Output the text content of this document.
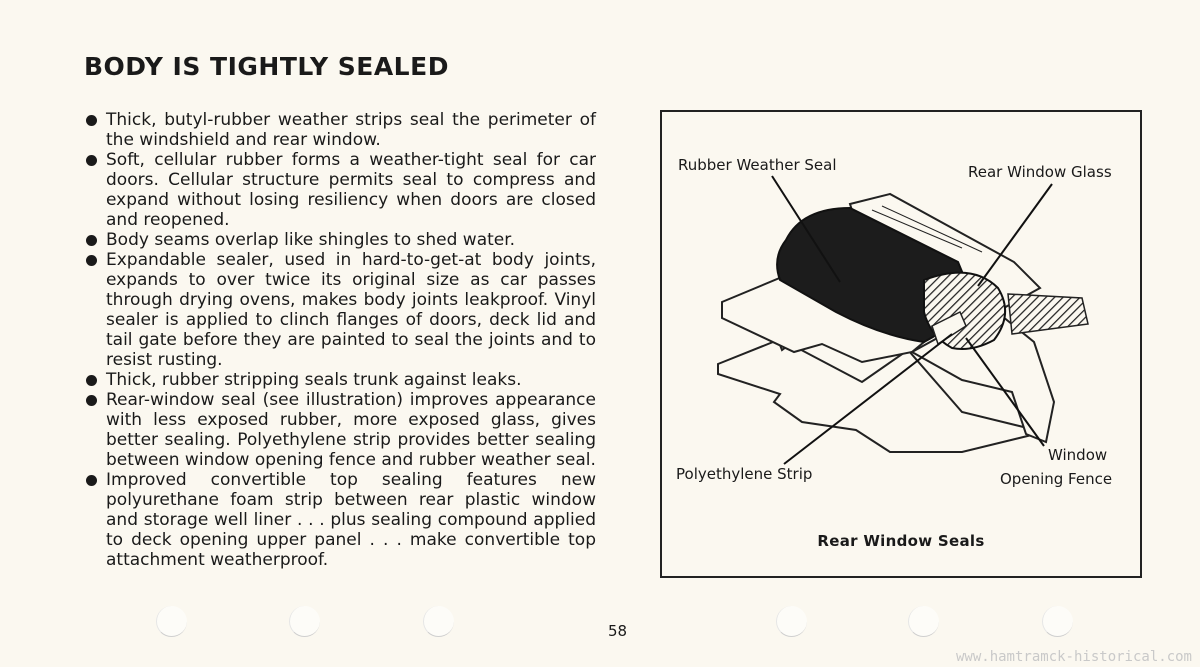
BODY IS TIGHTLY SEALED
Thick, butyl-rubber weather strips seal the perimeter of the windshield and rear window.
Soft, cellular rubber forms a weather-tight seal for car doors. Cellular structure permits seal to compress and expand without losing resiliency when doors are closed and reopened.
Body seams overlap like shingles to shed water.
Expandable sealer, used in hard-to-get-at body joints, expands to over twice its original size as car passes through drying ovens, makes body joints leakproof. Vinyl sealer is applied to clinch flanges of doors, deck lid and tail gate before they are painted to seal the joints and to resist rusting.
Thick, rubber stripping seals trunk against leaks.
Rear-window seal (see illustration) improves appearance with less exposed rubber, more exposed glass, gives better sealing. Polyethylene strip provides better sealing between window opening fence and rubber weather seal.
Improved convertible top sealing features new polyurethane foam strip between rear plastic window and storage well liner . . . plus sealing compound applied to deck opening upper panel . . . make convertible top attachment weatherproof.
Rubber Weather Seal	Rear Window Glass
Polyethylene Strip
Window
Opening Fence
Rear Window Seals
58
www.hamtramck-historical.com
